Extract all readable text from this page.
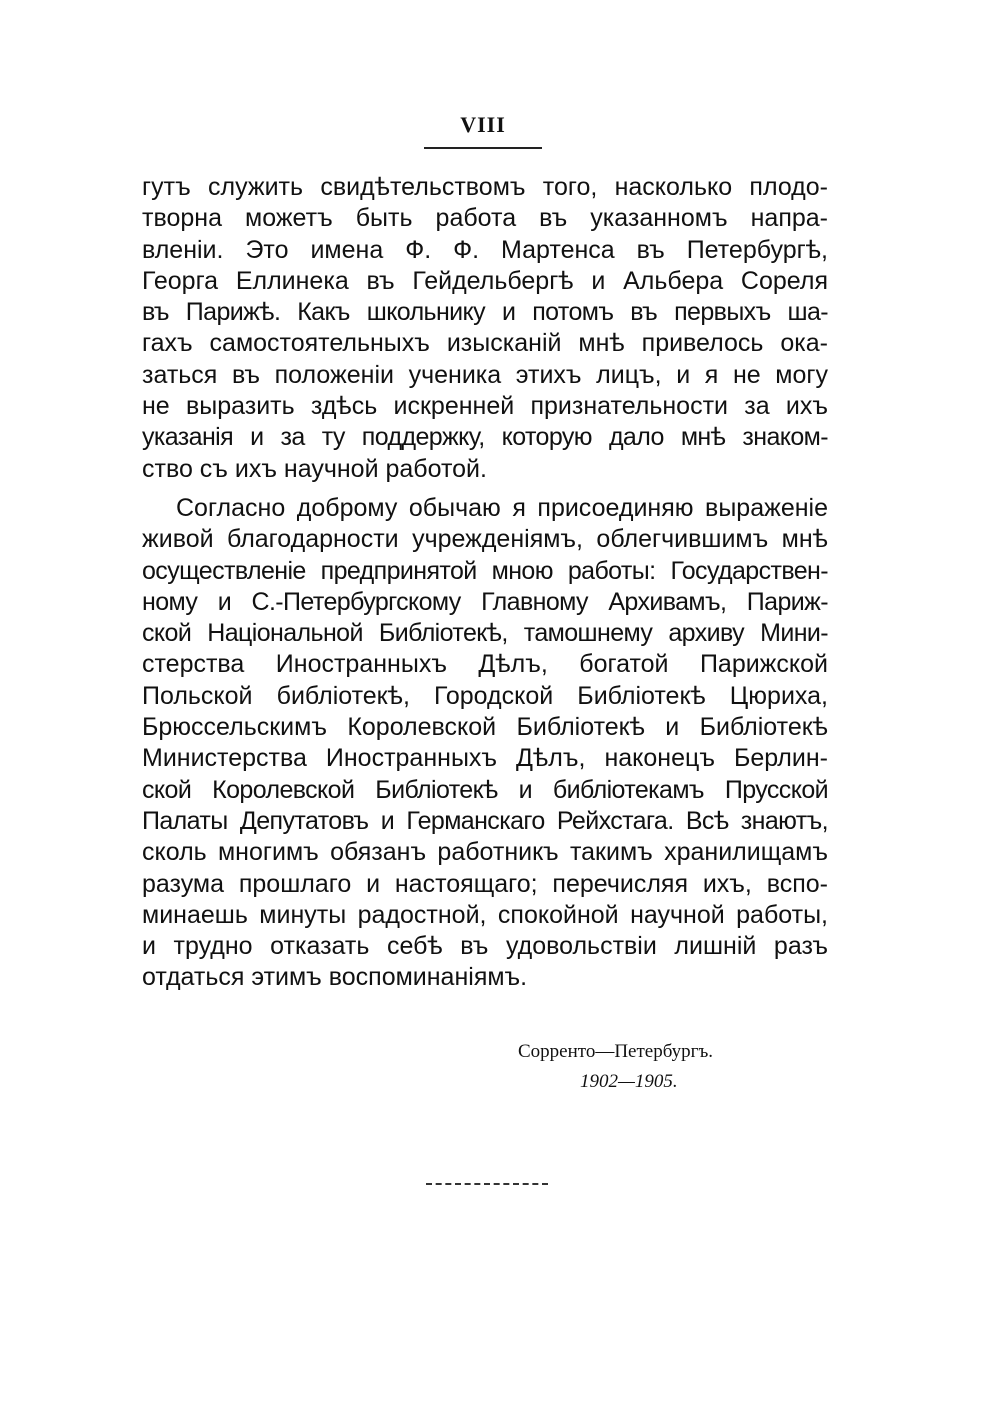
VIII
гутъ служить свидѣтельствомъ того, насколько плодо-
творна можетъ быть работа въ указанномъ напра-
вленіи. Это имена Ф. Ф. Мартенса въ Петербургѣ,
Георга Еллинека въ Гейдельбергѣ и Альбера Сореля
въ Парижѣ. Какъ школьнику и потомъ въ первыхъ ша-
гахъ самостоятельныхъ изысканій мнѣ привелось ока-
заться въ положеніи ученика этихъ лицъ, и я не могу
не выразить здѣсь искренней признательности за ихъ
указанія и за ту поддержку, которую дало мнѣ знаком-
ство съ ихъ научной работой.
Согласно доброму обычаю я присоединяю выраженіе
живой благодарности учрежденіямъ, облегчившимъ мнѣ
осуществленіе предпринятой мною работы: Государствен-
ному и С.-Петербургскому Главному Архивамъ, Париж-
ской Національной Библіотекѣ, тамошнему архиву Мини-
стерства Иностранныхъ Дѣлъ, богатой Парижской
Польской библіотекѣ, Городской Библіотекѣ Цюриха,
Брюссельскимъ Королевской Библіотекѣ и Библіотекѣ
Министерства Иностранныхъ Дѣлъ, наконецъ Берлин-
ской Королевской Библіотекѣ и библіотекамъ Прусской
Палаты Депутатовъ и Германскаго Рейхстага. Всѣ знаютъ,
сколь многимъ обязанъ работникъ такимъ хранилищамъ
разума прошлаго и настоящаго; перечисляя ихъ, вспо-
минаешь минуты радостной, спокойной научной работы,
и трудно отказать себѣ въ удовольствіи лишній разъ
отдаться этимъ воспоминаніямъ.
Сорренто—Петербургъ.
1902—1905.
